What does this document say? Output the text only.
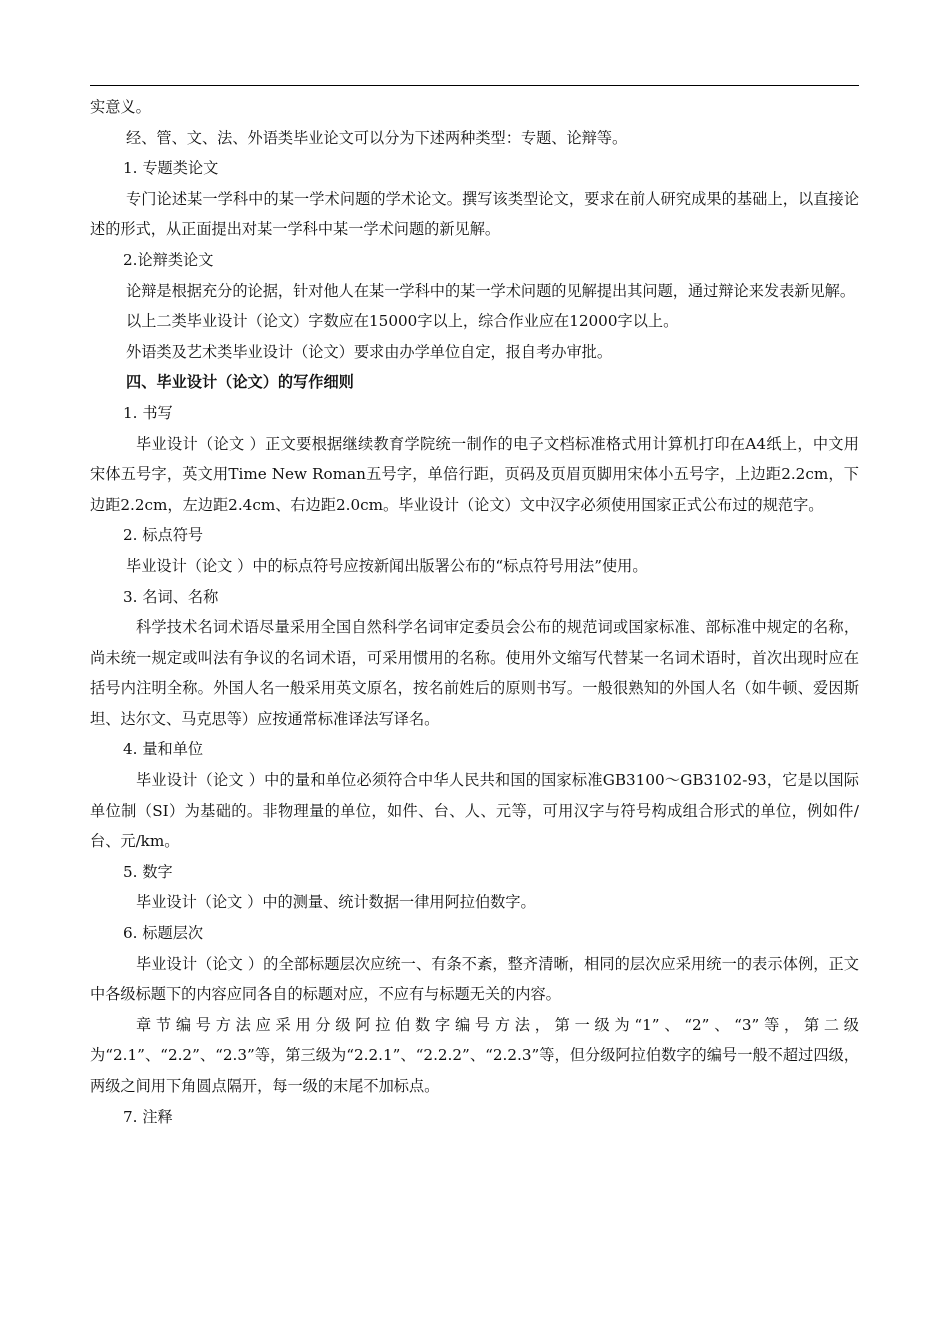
实意义。

经、管、文、法、外语类毕业论文可以分为下述两种类型：专题、论辩等。

1. 专题类论文

专门论述某一学科中的某一学术问题的学术论文。撰写该类型论文，要求在前人研究成果的基础上，以直接论述的形式，从正面提出对某一学科中某一学术问题的新见解。

2.论辩类论文

论辩是根据充分的论据，针对他人在某一学科中的某一学术问题的见解提出其问题，通过辩论来发表新见解。

以上二类毕业设计（论文）字数应在15000字以上，综合作业应在12000字以上。

外语类及艺术类毕业设计（论文）要求由办学单位自定，报自考办审批。

四、毕业设计（论文）的写作细则

1. 书写

毕业设计（论文 ）正文要根据继续教育学院统一制作的电子文档标准格式用计算机打印在A4纸上，中文用宋体五号字，英文用Time New Roman五号字，单倍行距，页码及页眉页脚用宋体小五号字，上边距2.2cm，下边距2.2cm，左边距2.4cm、右边距2.0cm。毕业设计（论文）文中汉字必须使用国家正式公布过的规范字。

2. 标点符号

毕业设计（论文 ）中的标点符号应按新闻出版署公布的“标点符号用法”使用。

3. 名词、名称

科学技术名词术语尽量采用全国自然科学名词审定委员会公布的规范词或国家标准、部标准中规定的名称，尚未统一规定或叫法有争议的名词术语，可采用惯用的名称。使用外文缩写代替某一名词术语时，首次出现时应在括号内注明全称。外国人名一般采用英文原名，按名前姓后的原则书写。一般很熟知的外国人名（如牛顿、爱因斯坦、达尔文、马克思等）应按通常标准译法写译名。

4. 量和单位

毕业设计（论文 ）中的量和单位必须符合中华人民共和国的国家标准GB3100～GB3102-93，它是以国际单位制（SI）为基础的。非物理量的单位，如件、台、人、元等，可用汉字与符号构成组合形式的单位，例如件/台、元/km。

5. 数字

毕业设计（论文 ）中的测量、统计数据一律用阿拉伯数字。

6. 标题层次

毕业设计（论文 ）的全部标题层次应统一、有条不紊，整齐清晰，相同的层次应采用统一的表示体例，正文中各级标题下的内容应同各自的标题对应，不应有与标题无关的内容。

章节编号方法应采用分级阿拉伯数字编号方法，第一级为“1”、“2”、“3”等，第二级为“2.1”、“2.2”、“2.3”等，第三级为“2.2.1”、“2.2.2”、“2.2.3”等，但分级阿拉伯数字的编号一般不超过四级，两级之间用下角圆点隔开，每一级的末尾不加标点。

7. 注释
